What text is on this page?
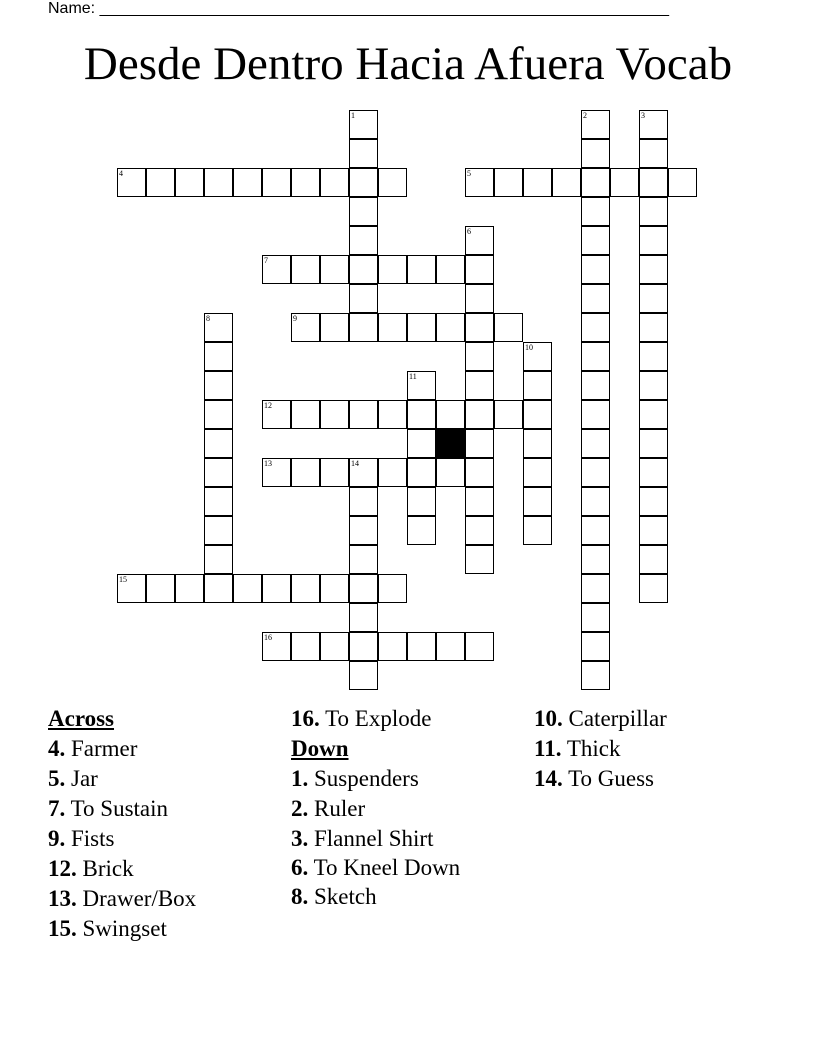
Name: ________________________________________________________________
Desde Dentro Hacia Afuera Vocab
1	2	3
4	5
6
7
8	9
10
11
12
13	14
15
16
Across
4. Farmer
5. Jar
7. To Sustain
9. Fists
12. Brick
13. Drawer/Box
15. Swingset
16. To Explode
Down
1. Suspenders
2. Ruler
3. Flannel Shirt
6. To Kneel Down
8. Sketch
10. Caterpillar
11. Thick
14. To Guess
